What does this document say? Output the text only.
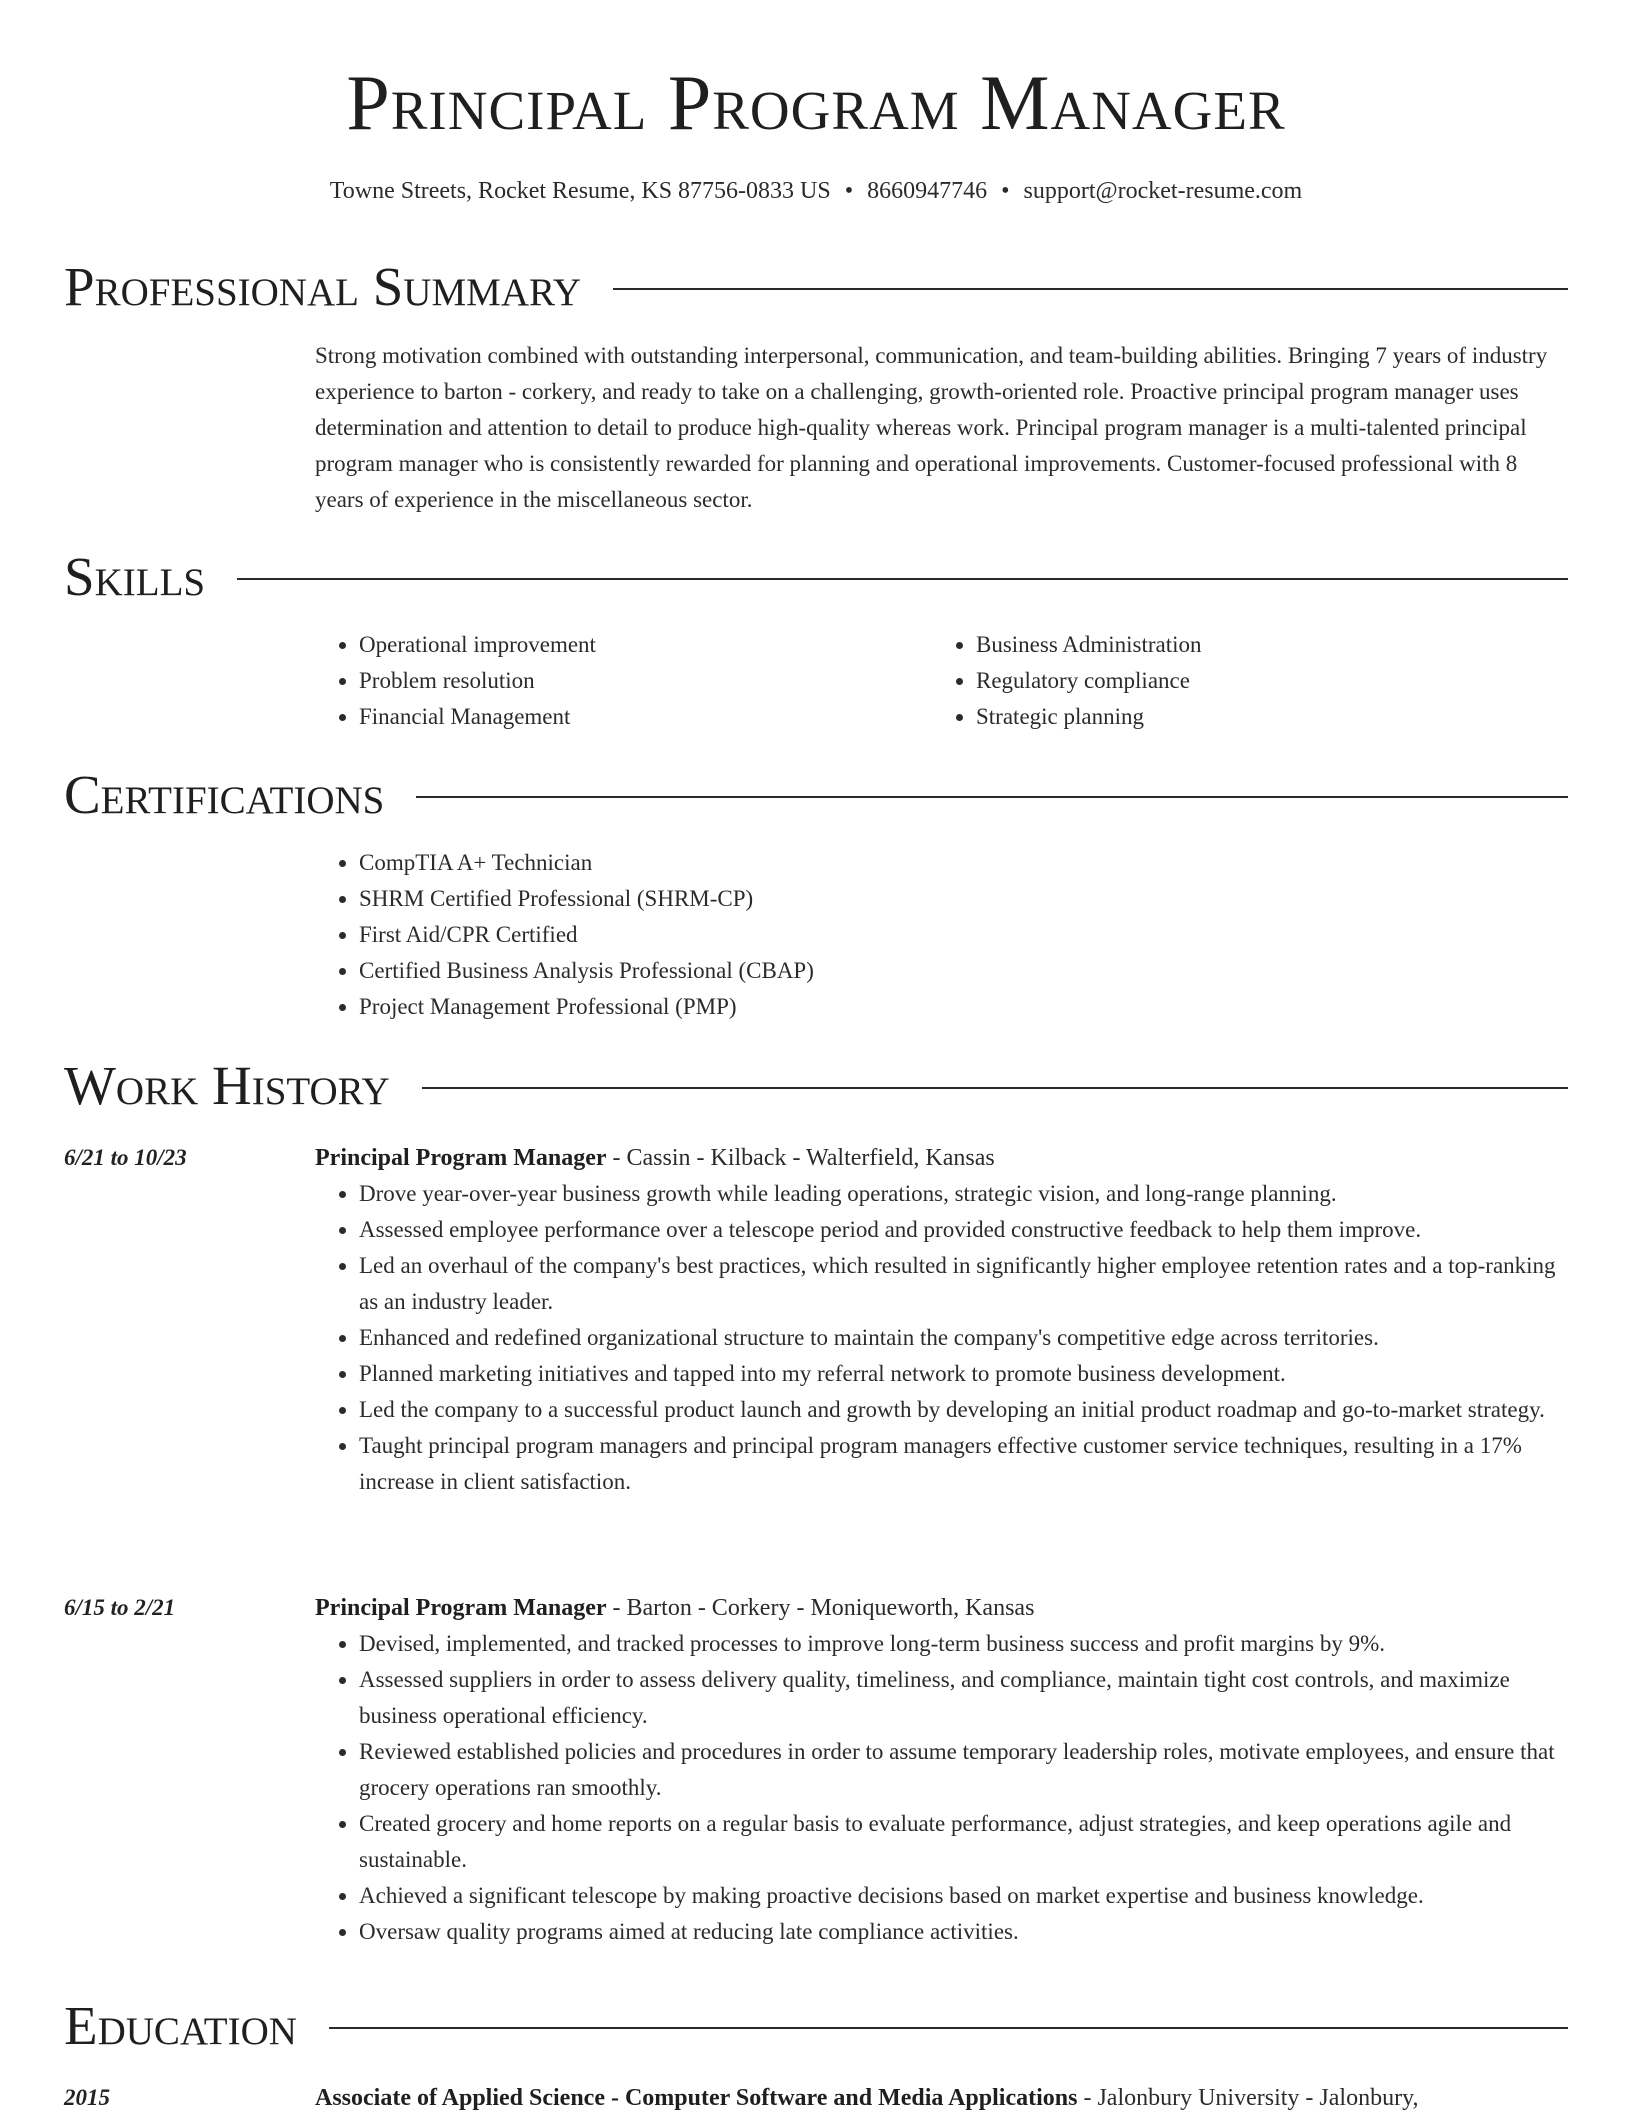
Principal Program Manager
Towne Streets, Rocket Resume, KS 87756-0833 US • 8660947746 • support@rocket-resume.com
Professional Summary
Strong motivation combined with outstanding interpersonal, communication, and team-building abilities. Bringing 7 years of industry experience to barton - corkery, and ready to take on a challenging, growth-oriented role. Proactive principal program manager uses determination and attention to detail to produce high-quality whereas work. Principal program manager is a multi-talented principal program manager who is consistently rewarded for planning and operational improvements. Customer-focused professional with 8 years of experience in the miscellaneous sector.
Skills
• Operational improvement
• Problem resolution
• Financial Management
• Business Administration
• Regulatory compliance
• Strategic planning
Certifications
• CompTIA A+ Technician
• SHRM Certified Professional (SHRM-CP)
• First Aid/CPR Certified
• Certified Business Analysis Professional (CBAP)
• Project Management Professional (PMP)
Work History
6/21 to 10/23	Principal Program Manager - Cassin - Kilback - Walterfield, Kansas
• Drove year-over-year business growth while leading operations, strategic vision, and long-range planning.
• Assessed employee performance over a telescope period and provided constructive feedback to help them improve.
• Led an overhaul of the company's best practices, which resulted in significantly higher employee retention rates and a top-ranking as an industry leader.
• Enhanced and redefined organizational structure to maintain the company's competitive edge across territories.
• Planned marketing initiatives and tapped into my referral network to promote business development.
• Led the company to a successful product launch and growth by developing an initial product roadmap and go-to-market strategy.
• Taught principal program managers and principal program managers effective customer service techniques, resulting in a 17% increase in client satisfaction.
6/15 to 2/21	Principal Program Manager - Barton - Corkery - Moniqueworth, Kansas
• Devised, implemented, and tracked processes to improve long-term business success and profit margins by 9%.
• Assessed suppliers in order to assess delivery quality, timeliness, and compliance, maintain tight cost controls, and maximize business operational efficiency.
• Reviewed established policies and procedures in order to assume temporary leadership roles, motivate employees, and ensure that grocery operations ran smoothly.
• Created grocery and home reports on a regular basis to evaluate performance, adjust strategies, and keep operations agile and sustainable.
• Achieved a significant telescope by making proactive decisions based on market expertise and business knowledge.
• Oversaw quality programs aimed at reducing late compliance activities.
Education
2015	Associate of Applied Science - Computer Software and Media Applications - Jalonbury University - Jalonbury,
